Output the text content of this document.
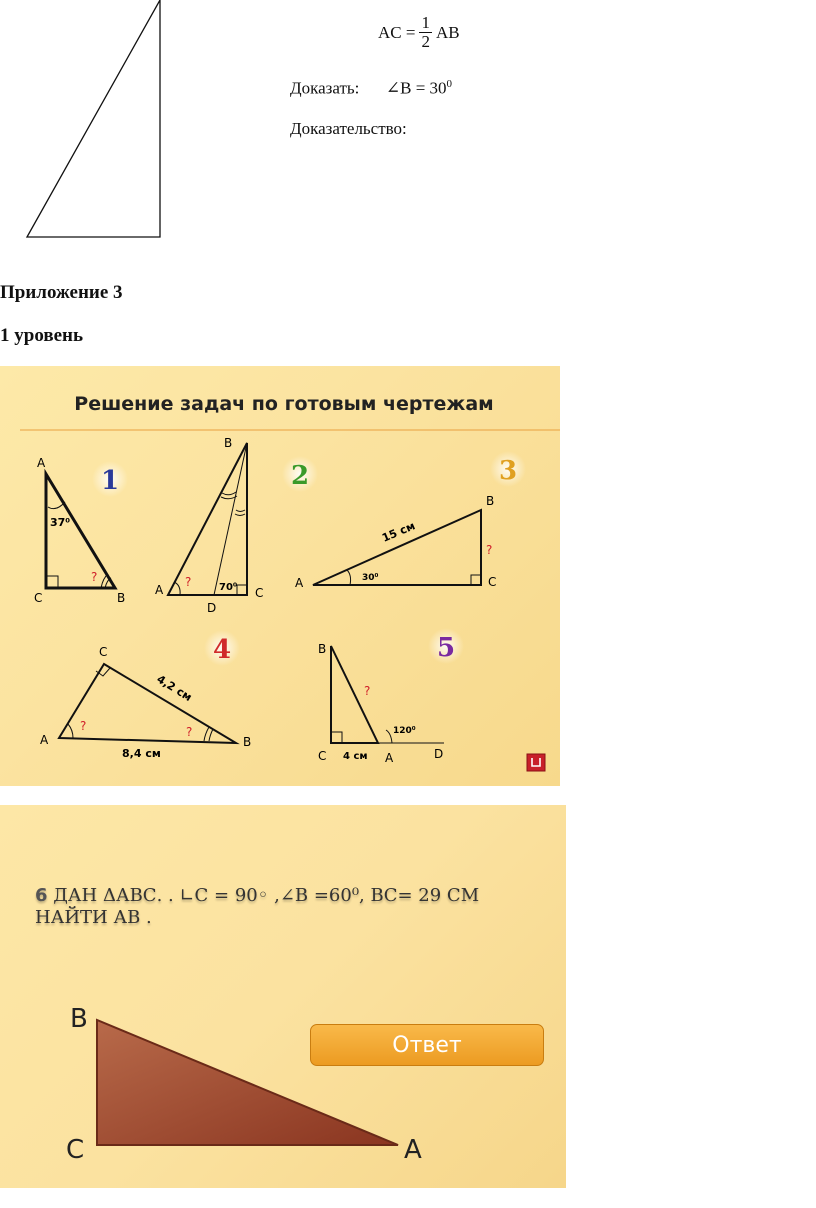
AC = $\frac{1}{2}$ AB
Доказать: ∠B = $30^0$
Доказательство:
Приложение 3
1 уровень
Решение задач по готовым чертежам
1	2	3
4	5
A
C	B
37⁰
?
B
A	C
D
70⁰
?	A
B
C
30⁰
15 см
?
C
A	B
4,2 см
8,4 см
?	?
B
C	A	D
4 см
120⁰
?
6 ДАН ΔАВС. . ∟С = 90◦ ,∠В =60⁰, ВС= 29 СМ
НАЙТИ АВ .
В
С	А
Ответ
